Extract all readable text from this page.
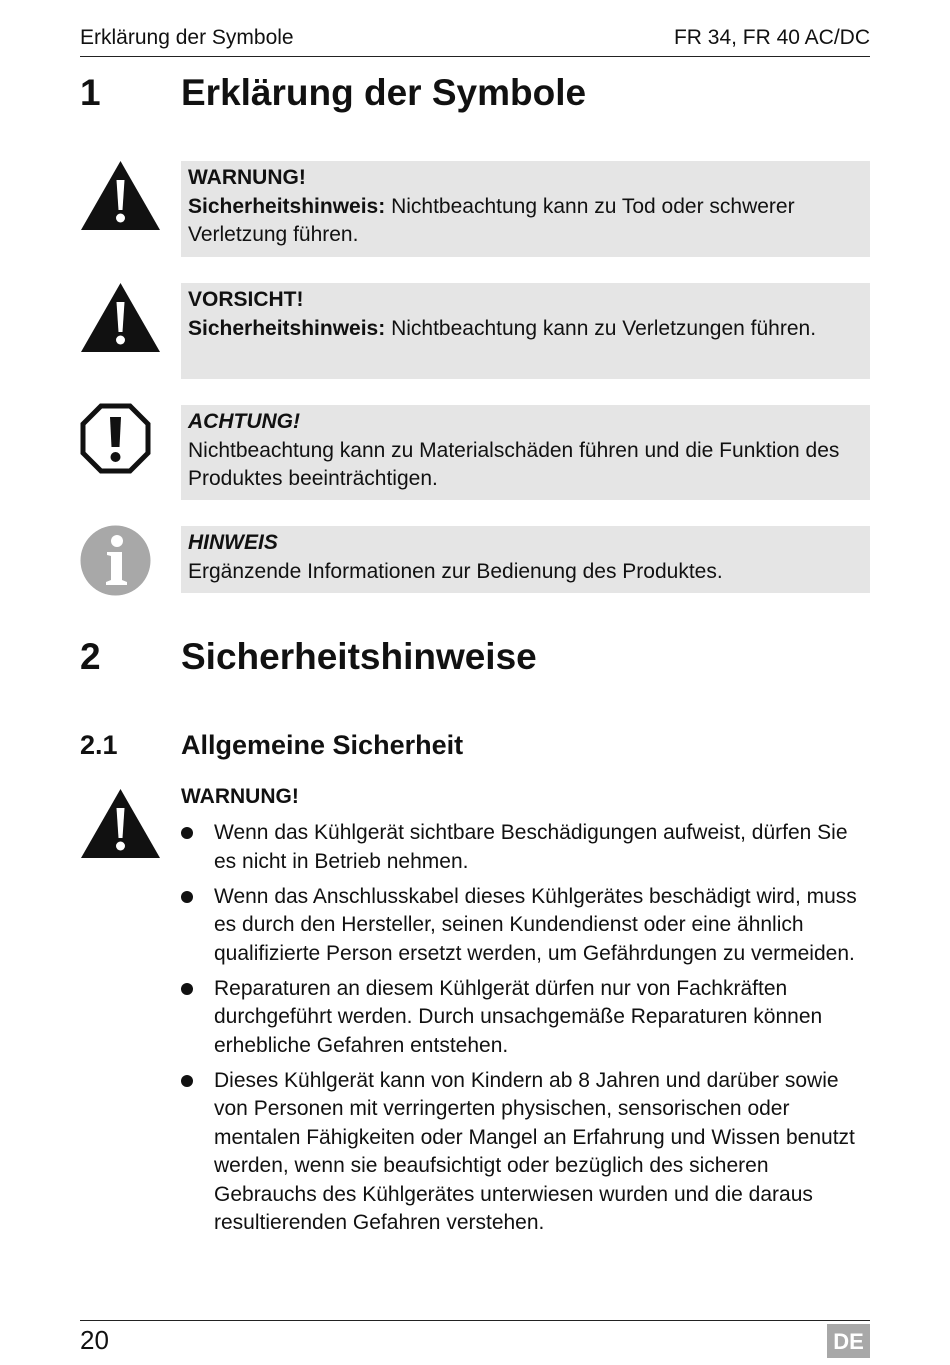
Erklärung der Symbole	FR 34, FR 40 AC/DC
1 Erklärung der Symbole
WARNUNG!
Sicherheitshinweis: Nichtbeachtung kann zu Tod oder schwerer Verletzung führen.
VORSICHT!
Sicherheitshinweis: Nichtbeachtung kann zu Verletzungen führen.
ACHTUNG!
Nichtbeachtung kann zu Materialschäden führen und die Funktion des Produktes beeinträchtigen.
HINWEIS
Ergänzende Informationen zur Bedienung des Produktes.
2 Sicherheitshinweise
2.1 Allgemeine Sicherheit
WARNUNG!
Wenn das Kühlgerät sichtbare Beschädigungen aufweist, dürfen Sie es nicht in Betrieb nehmen.
Wenn das Anschlusskabel dieses Kühlgerätes beschädigt wird, muss es durch den Hersteller, seinen Kundendienst oder eine ähnlich qualifizierte Person ersetzt werden, um Gefährdungen zu vermeiden.
Reparaturen an diesem Kühlgerät dürfen nur von Fachkräften durchgeführt werden. Durch unsachgemäße Reparaturen können erhebliche Gefahren entstehen.
Dieses Kühlgerät kann von Kindern ab 8 Jahren und darüber sowie von Personen mit verringerten physischen, sensorischen oder mentalen Fähigkeiten oder Mangel an Erfahrung und Wissen benutzt werden, wenn sie beaufsichtigt oder bezüglich des sicheren Gebrauchs des Kühlgerätes unterwiesen wurden und die daraus resultierenden Gefahren verstehen.
20	DE
